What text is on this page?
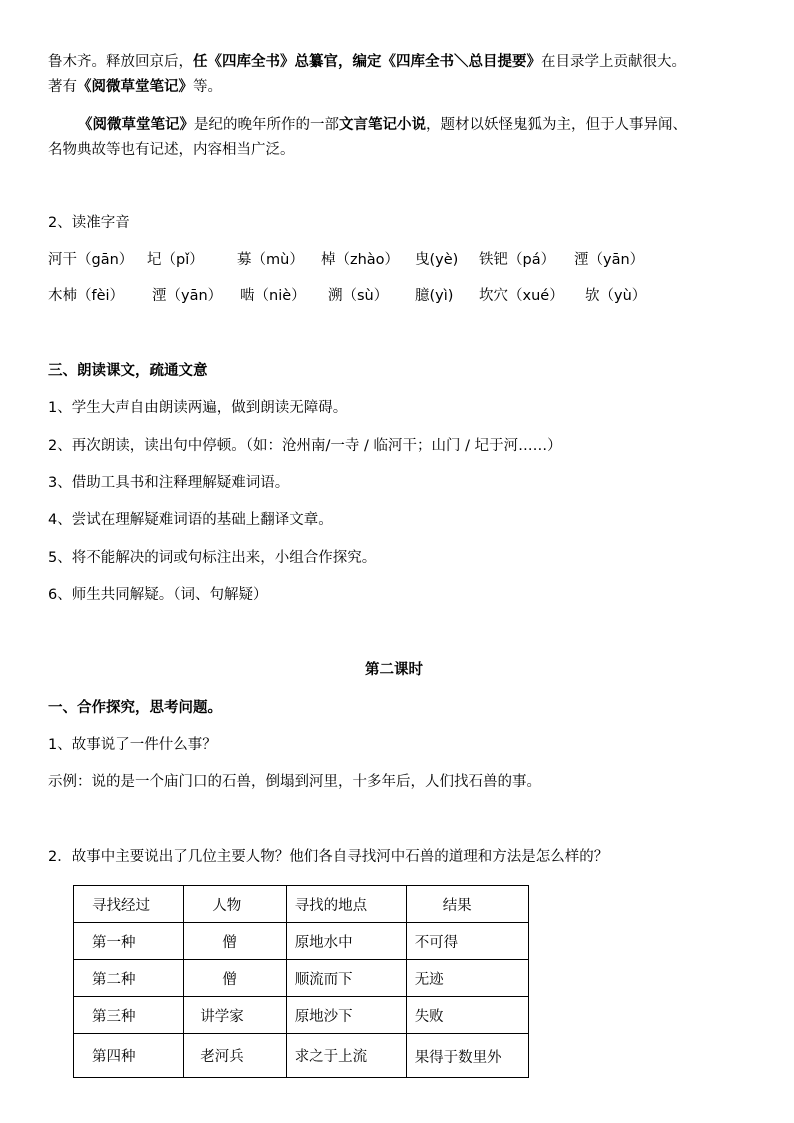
鲁木齐。释放回京后，任《四库全书》总纂官，编定《四库全书＼总目提要》在目录学上贡献很大。
著有《阅微草堂笔记》等。
《阅微草堂笔记》是纪的晚年所作的一部文言笔记小说，题材以妖怪鬼狐为主，但于人事异闻、
名物典故等也有记述，内容相当广泛。
2、读准字音
河干（gān） 圮（pǐ） 募（mù） 棹（zhào） 曳(yè) 铁钯（pá） 湮（yān）
木杮（fèi） 湮（yān） 啮（niè） 溯（sù） 臆(yì) 坎穴（xué） 欤（yù）
三、朗读课文，疏通文意
1、学生大声自由朗读两遍，做到朗读无障碍。
2、再次朗读，读出句中停顿。（如：沧州南/一寺 / 临河干；山门 / 圮于河……）
3、借助工具书和注释理解疑难词语。
4、尝试在理解疑难词语的基础上翻译文章。
5、将不能解决的词或句标注出来，小组合作探究。
6、师生共同解疑。（词、句解疑）
第二课时
一、合作探究，思考问题。
1、故事说了一件什么事？
示例：说的是一个庙门口的石兽，倒塌到河里，十多年后，人们找石兽的事。
2．故事中主要说出了几位主要人物？他们各自寻找河中石兽的道理和方法是怎么样的？
寻找经过	人物	寻找的地点	结果
第一种	僧	原地水中	不可得
第二种	僧	顺流而下	无迹
第三种	讲学家	原地沙下	失败
第四种	老河兵	求之于上流	果得于数里外
